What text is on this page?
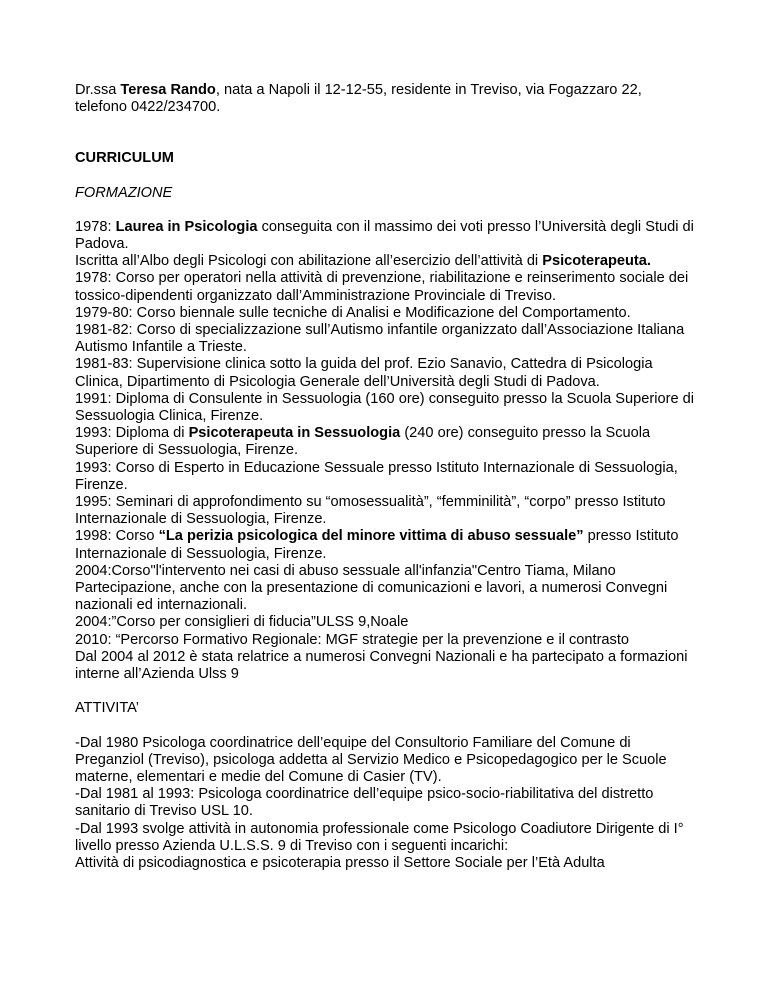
Dr.ssa Teresa Rando, nata a Napoli il 12-12-55, residente in Treviso, via Fogazzaro 22, telefono 0422/234700.

CURRICULUM

FORMAZIONE

1978: Laurea in Psicologia conseguita con il massimo dei voti presso l’Università degli Studi di Padova.

Iscritta all’Albo degli Psicologi con abilitazione all’esercizio dell’attività di Psicoterapeuta.

1978: Corso per operatori nella attività di prevenzione, riabilitazione e reinserimento sociale dei tossico-dipendenti organizzato dall’Amministrazione Provinciale di Treviso.

1979-80: Corso biennale sulle tecniche di Analisi e Modificazione del Comportamento.

1981-82: Corso di specializzazione sull’Autismo infantile organizzato dall’Associazione Italiana Autismo Infantile a Trieste.

1981-83: Supervisione clinica sotto la guida del prof. Ezio Sanavio, Cattedra di Psicologia Clinica, Dipartimento di Psicologia Generale dell’Università degli Studi di Padova.

1991: Diploma di Consulente in Sessuologia (160 ore) conseguito presso la Scuola Superiore di Sessuologia Clinica, Firenze.

1993: Diploma di Psicoterapeuta in Sessuologia (240 ore) conseguito presso la Scuola Superiore di Sessuologia, Firenze.

1993: Corso di Esperto in Educazione Sessuale presso Istituto Internazionale di Sessuologia, Firenze.

1995: Seminari di approfondimento su “omosessualità”, “femminilità”, “corpo” presso Istituto Internazionale di Sessuologia, Firenze.

1998: Corso “La perizia psicologica del minore vittima di abuso sessuale” presso Istituto Internazionale di Sessuologia, Firenze.

2004:Corso"l'intervento nei casi di abuso sessuale all'infanzia"Centro Tiama, Milano

Partecipazione, anche con la presentazione di comunicazioni e lavori, a numerosi Convegni nazionali ed internazionali.

2004:”Corso per consiglieri di fiducia”ULSS 9,Noale

2010: “Percorso Formativo Regionale: MGF strategie per la prevenzione e il contrasto

Dal 2004 al 2012 è stata relatrice a numerosi Convegni Nazionali e ha partecipato a formazioni interne all’Azienda Ulss 9

ATTIVITA’

-Dal 1980 Psicologa coordinatrice dell’equipe del Consultorio Familiare del Comune di Preganziol (Treviso), psicologa addetta al Servizio Medico e Psicopedagogico per le Scuole materne, elementari e medie del Comune di Casier (TV).

-Dal 1981 al 1993: Psicologa coordinatrice dell’equipe psico-socio-riabilitativa del distretto sanitario di Treviso USL 10.

-Dal 1993 svolge attività in autonomia professionale come Psicologo Coadiutore Dirigente di I° livello presso Azienda U.L.S.S. 9 di Treviso con i seguenti incarichi:

Attività di psicodiagnostica e psicoterapia presso il Settore Sociale per l’Età Adulta
